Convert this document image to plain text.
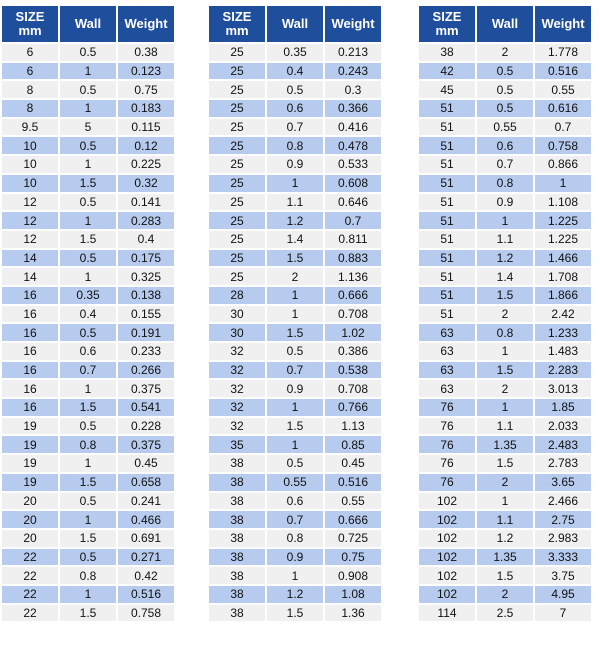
SIZE
mm	Wall	Weight
6	0.5	0.38
6	1	0.123
8	0.5	0.75
8	1	0.183
9.5	5	0.115
10	0.5	0.12
10	1	0.225
10	1.5	0.32
12	0.5	0.141
12	1	0.283
12	1.5	0.4
14	0.5	0.175
14	1	0.325
16	0.35	0.138
16	0.4	0.155
16	0.5	0.191
16	0.6	0.233
16	0.7	0.266
16	1	0.375
16	1.5	0.541
19	0.5	0.228
19	0.8	0.375
19	1	0.45
19	1.5	0.658
20	0.5	0.241
20	1	0.466
20	1.5	0.691
22	0.5	0.271
22	0.8	0.42
22	1	0.516
22	1.5	0.758
SIZE
mm	Wall	Weight
25	0.35	0.213
25	0.4	0.243
25	0.5	0.3
25	0.6	0.366
25	0.7	0.416
25	0.8	0.478
25	0.9	0.533
25	1	0.608
25	1.1	0.646
25	1.2	0.7
25	1.4	0.811
25	1.5	0.883
25	2	1.136
28	1	0.666
30	1	0.708
30	1.5	1.02
32	0.5	0.386
32	0.7	0.538
32	0.9	0.708
32	1	0.766
32	1.5	1.13
35	1	0.85
38	0.5	0.45
38	0.55	0.516
38	0.6	0.55
38	0.7	0.666
38	0.8	0.725
38	0.9	0.75
38	1	0.908
38	1.2	1.08
38	1.5	1.36
SIZE
mm	Wall	Weight
38	2	1.778
42	0.5	0.516
45	0.5	0.55
51	0.5	0.616
51	0.55	0.7
51	0.6	0.758
51	0.7	0.866
51	0.8	1
51	0.9	1.108
51	1	1.225
51	1.1	1.225
51	1.2	1.466
51	1.4	1.708
51	1.5	1.866
51	2	2.42
63	0.8	1.233
63	1	1.483
63	1.5	2.283
63	2	3.013
76	1	1.85
76	1.1	2.033
76	1.35	2.483
76	1.5	2.783
76	2	3.65
102	1	2.466
102	1.1	2.75
102	1.2	2.983
102	1.35	3.333
102	1.5	3.75
102	2	4.95
114	2.5	7
